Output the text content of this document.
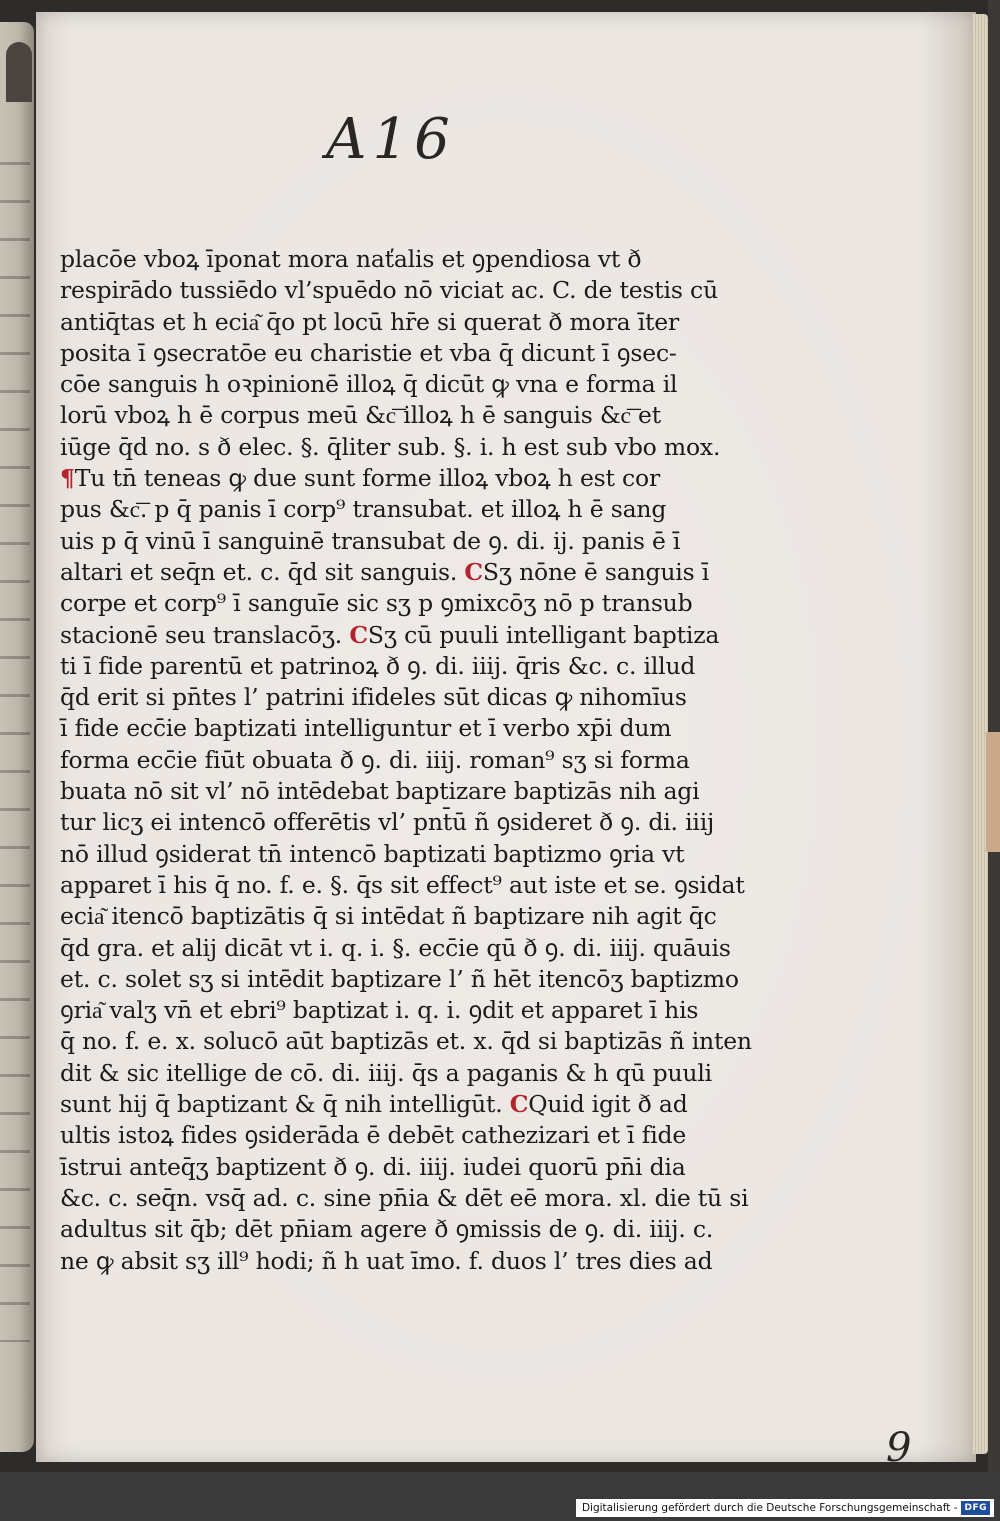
A16
placōe vboꝝ īponat mora naťalis et ꝯpendiosa vt ð
respirādo tussiēdo vl’spuēdo nō viciat ac. C. de testis cū
antiq̄tas et h ecia͂ q̄o pt locū hr̄e si querat ð mora īter
posita ī ꝯsecratōe eu charistie et vba q̄ dicunt ī ꝯsec-
cōe sanguis h oꝛpinionē illoꝝ q̄ dicūt ꝙ vna e forma il
lorū vboꝝ h ē corpus meū &c͞ illoꝝ h ē sanguis &c͞ et
iūge q̄d no. s ð elec. §. q̄liter sub. §. i. h est sub vbo mox.
¶Tu tn̄ teneas ꝙ due sunt forme illoꝝ vboꝝ h est cor
pus &c͞. p q̄ panis ī corp⁹ transubat. et illoꝝ h ē sang
uis p q̄ vinū ī sanguinē transubat de ꝯ. di. ij. panis ē ī
altari et seq̄n et. c. q̄d sit sanguis. CSʒ nōne ē sanguis ī
corpe et corp⁹ ī sanguīe sic sʒ p ꝯmixcōʒ nō p transub
stacionē seu translacōʒ. CSʒ cū puuli intelligant baptiza
ti ī fide parentū et patrinoꝝ ð ꝯ. di. iiij. q̄ris &c. c. illud
q̄d erit si pn̄tes l’ patrini ifideles sūt dicas ꝙ nihomīus
ī fide ecc̄ie baptizati intelliguntur et ī verbo xp̄i dum
forma ecc̄ie fiūt obuata ð ꝯ. di. iiij. roman⁹ sʒ si forma
buata nō sit vl’ nō intēdebat baptizare baptizās nih agi
tur licʒ ei intencō offerētis vl’ pnt̄ū ñ ꝯsideret ð ꝯ. di. iiij
nō illud ꝯsiderat tn̄ intencō baptizati baptizmo ꝯria vt
apparet ī his q̄ no. f. e. §. q̄s sit effect⁹ aut iste et se. ꝯsidat
ecia͂ itencō baptizātis q̄ si intēdat ñ baptizare nih agit q̄c
q̄d gra. et alij dicāt vt i. q. i. §. ecc̄ie qū ð ꝯ. di. iiij. quāuis
et. c. solet sʒ si intēdit baptizare l’ ñ hēt itencōʒ baptizmo
ꝯria͂ valʒ vn̄ et ebri⁹ baptizat i. q. i. ꝯdit et apparet ī his
q̄ no. f. e. x. solucō aūt baptizās et. x. q̄d si baptizās ñ inten
dit & sic itellige de cō. di. iiij. q̄s a paganis & h qū puuli
sunt hij q̄ baptizant & q̄ nih intelligūt. CQuid igit ð ad
ultis istoꝝ fides ꝯsiderāda ē debēt cathezizari et ī fide
īstrui anteq̄ʒ baptizent ð ꝯ. di. iiij. iudei quorū pn̄i dia
&c. c. seq̄n. vsq̄ ad. c. sine pn̄ia & dēt eē mora. xl. die tū si
adultus sit q̄b; dēt pn̄iam agere ð ꝯmissis de ꝯ. di. iiij. c.
ne ꝙ absit sʒ ill⁹ hodi; ñ h uat īmo. f. duos l’ tres dies ad
9
Digitalisierung gefördert durch die Deutsche Forschungsgemeinschaft - DFG
